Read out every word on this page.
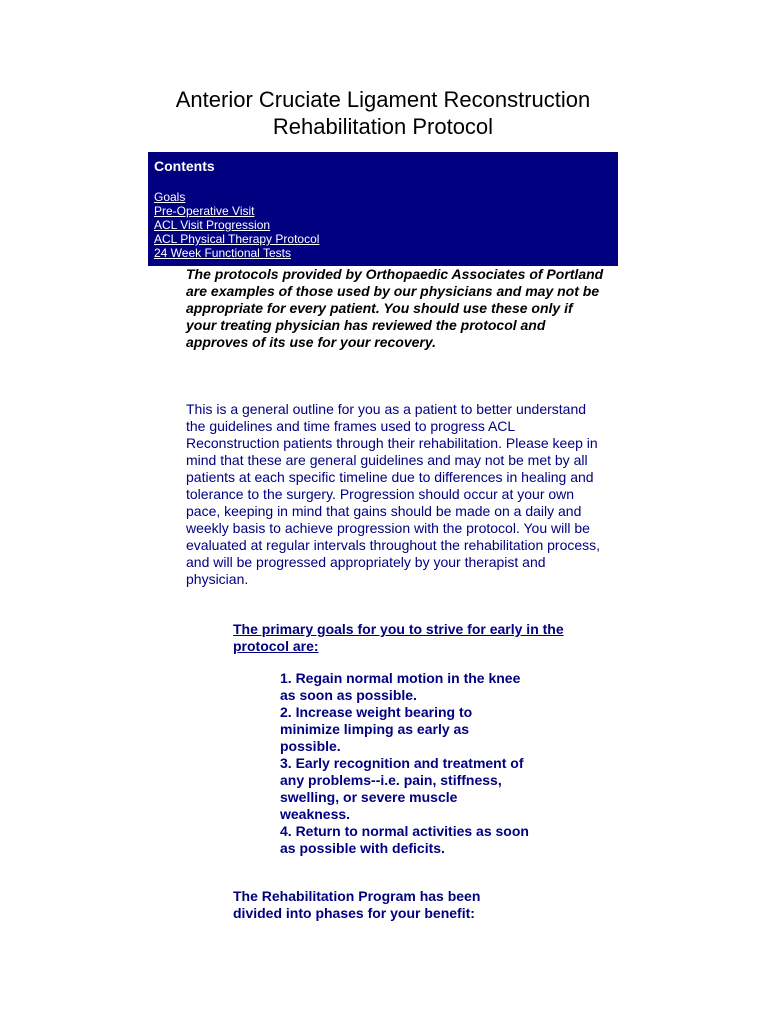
Anterior Cruciate Ligament Reconstruction
Rehabilitation Protocol
Contents
Goals
Pre-Operative Visit
ACL Visit Progression
ACL Physical Therapy Protocol
24 Week Functional Tests

The protocols provided by Orthopaedic Associates of Portland are examples of those used by our physicians and may not be appropriate for every patient. You should use these only if your treating physician has reviewed the protocol and approves of its use for your recovery.

This is a general outline for you as a patient to better understand the guidelines and time frames used to progress ACL Reconstruction patients through their rehabilitation. Please keep in mind that these are general guidelines and may not be met by all patients at each specific timeline due to differences in healing and tolerance to the surgery. Progression should occur at your own pace, keeping in mind that gains should be made on a daily and weekly basis to achieve progression with the protocol. You will be evaluated at regular intervals throughout the rehabilitation process, and will be progressed appropriately by your therapist and physician.

The primary goals for you to strive for early in the protocol are:

1. Regain normal motion in the knee as soon as possible.
2. Increase weight bearing to minimize limping as early as possible.
3. Early recognition and treatment of any problems--i.e. pain, stiffness, swelling, or severe muscle weakness.
4. Return to normal activities as soon as possible with deficits.

The Rehabilitation Program has been divided into phases for your benefit:
